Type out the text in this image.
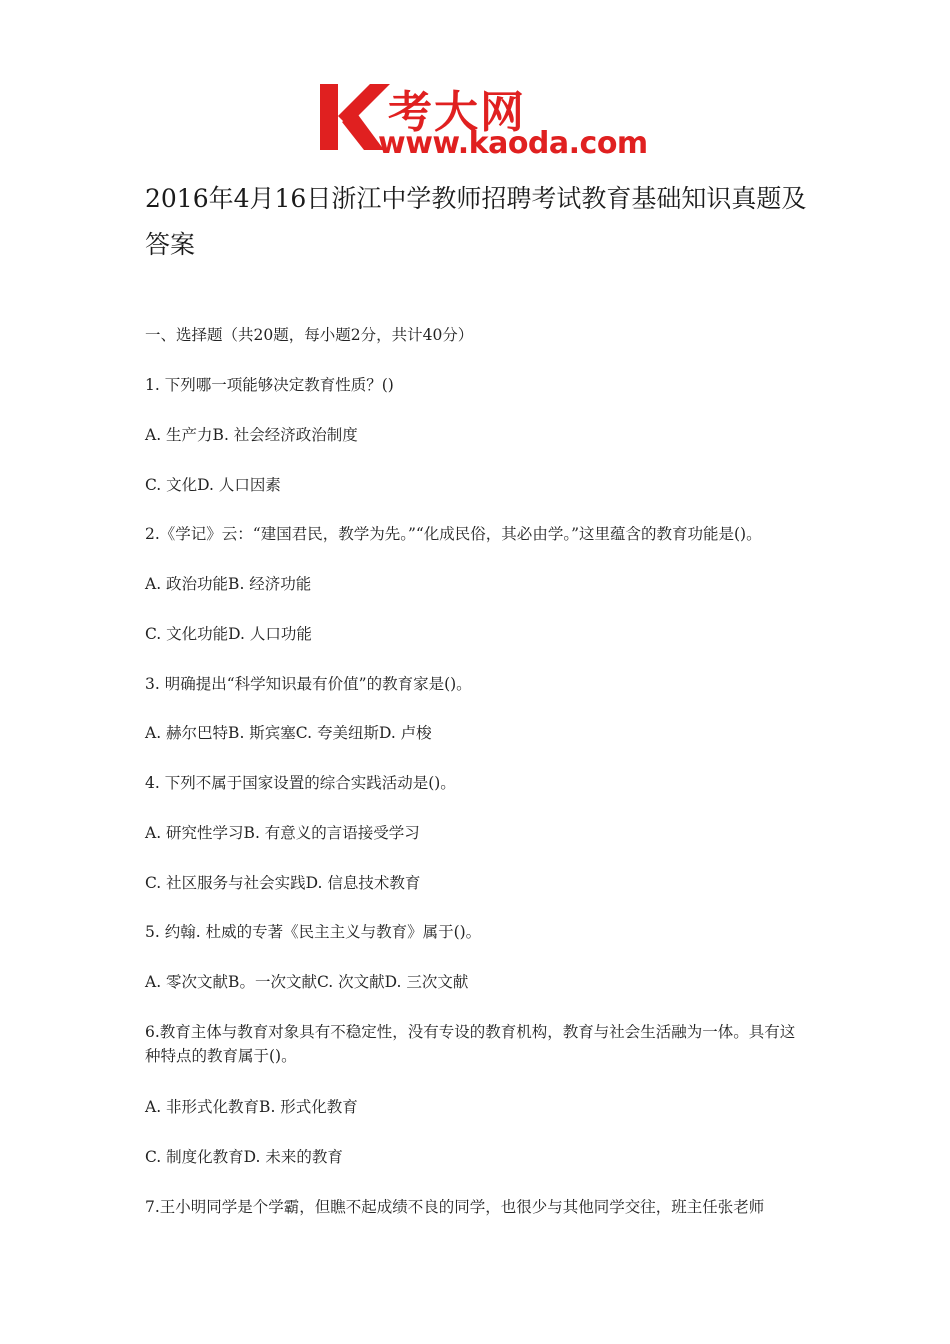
考大网
www.kaoda.com
2016年4月16日浙江中学教师招聘考试教育基础知识真题及答案
一、选择题（共20题，每小题2分，共计40分）
1. 下列哪一项能够决定教育性质？()
A. 生产力B. 社会经济政治制度
C. 文化D. 人口因素
2.《学记》云：“建国君民，教学为先。”“化成民俗，其必由学。”这里蕴含的教育功能是()。
A. 政治功能B. 经济功能
C. 文化功能D. 人口功能
3. 明确提出“科学知识最有价值”的教育家是()。
A. 赫尔巴特B. 斯宾塞C. 夸美纽斯D. 卢梭
4. 下列不属于国家设置的综合实践活动是()。
A. 研究性学习B. 有意义的言语接受学习
C. 社区服务与社会实践D. 信息技术教育
5. 约翰. 杜威的专著《民主主义与教育》属于()。
A. 零次文献B。一次文献C. 次文献D. 三次文献
6.教育主体与教育对象具有不稳定性，没有专设的教育机构，教育与社会生活融为一体。具有这种特点的教育属于()。
A. 非形式化教育B. 形式化教育
C. 制度化教育D. 未来的教育
7.王小明同学是个学霸，但瞧不起成绩不良的同学，也很少与其他同学交往，班主任张老师
